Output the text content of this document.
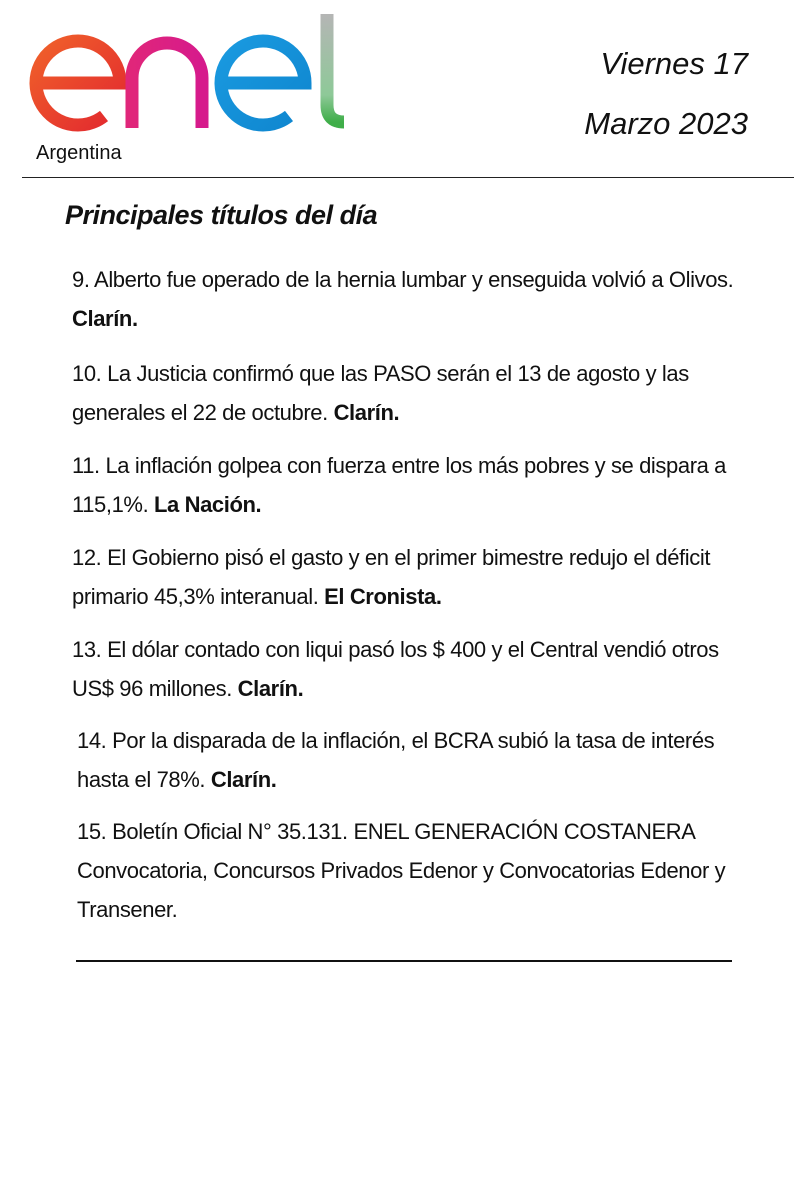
Argentina
Viernes 17
Marzo 2023
Principales títulos del día

9. Alberto fue operado de la hernia lumbar y enseguida volvió a Olivos. Clarín.

10. La Justicia confirmó que las PASO serán el 13 de agosto y las generales el 22 de octubre. Clarín.

11. La inflación golpea con fuerza entre los más pobres y se dispara a 115,1%. La Nación.

12. El Gobierno pisó el gasto y en el primer bimestre redujo el déficit primario 45,3% interanual. El Cronista.

13. El dólar contado con liqui pasó los $ 400 y el Central vendió otros US$ 96 millones. Clarín.

14. Por la disparada de la inflación, el BCRA subió la tasa de interés hasta el 78%. Clarín.

15. Boletín Oficial N° 35.131. ENEL GENERACIÓN COSTANERA Convocatoria, Concursos Privados Edenor y Convocatorias Edenor y Transener.
